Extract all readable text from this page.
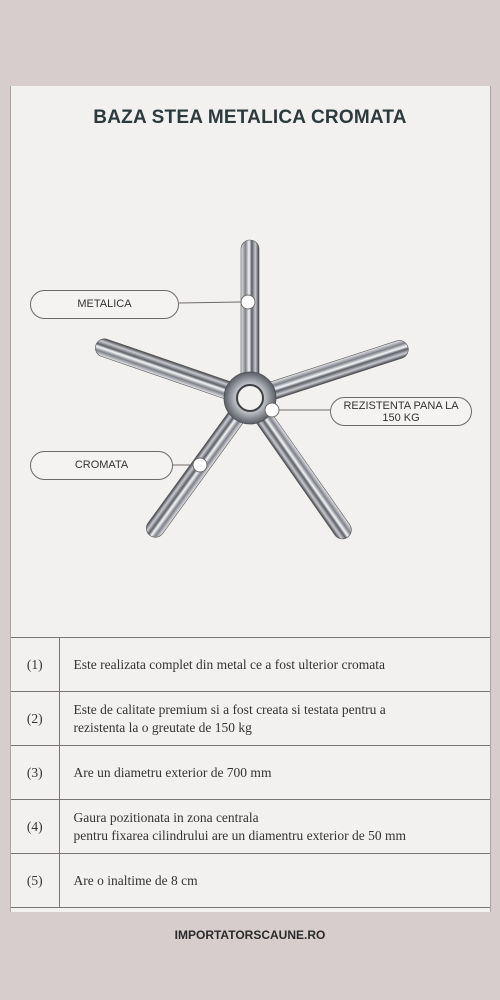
BAZA STEA METALICA CROMATA
METALICA
REZISTENTA PANA LA
150 KG
CROMATA
(1)	Este realizata complet din metal ce a fost ulterior cromata

(2)	Este de calitate premium si a fost creata si testata pentru a
rezistenta la o greutate de 150 kg

(3)	Are un diametru exterior de 700 mm

(4)	Gaura pozitionata in zona centrala
pentru fixarea cilindrului are un diamentru exterior de 50 mm

(5)	Are o inaltime de 8 cm
IMPORTATORSCAUNE.RO
